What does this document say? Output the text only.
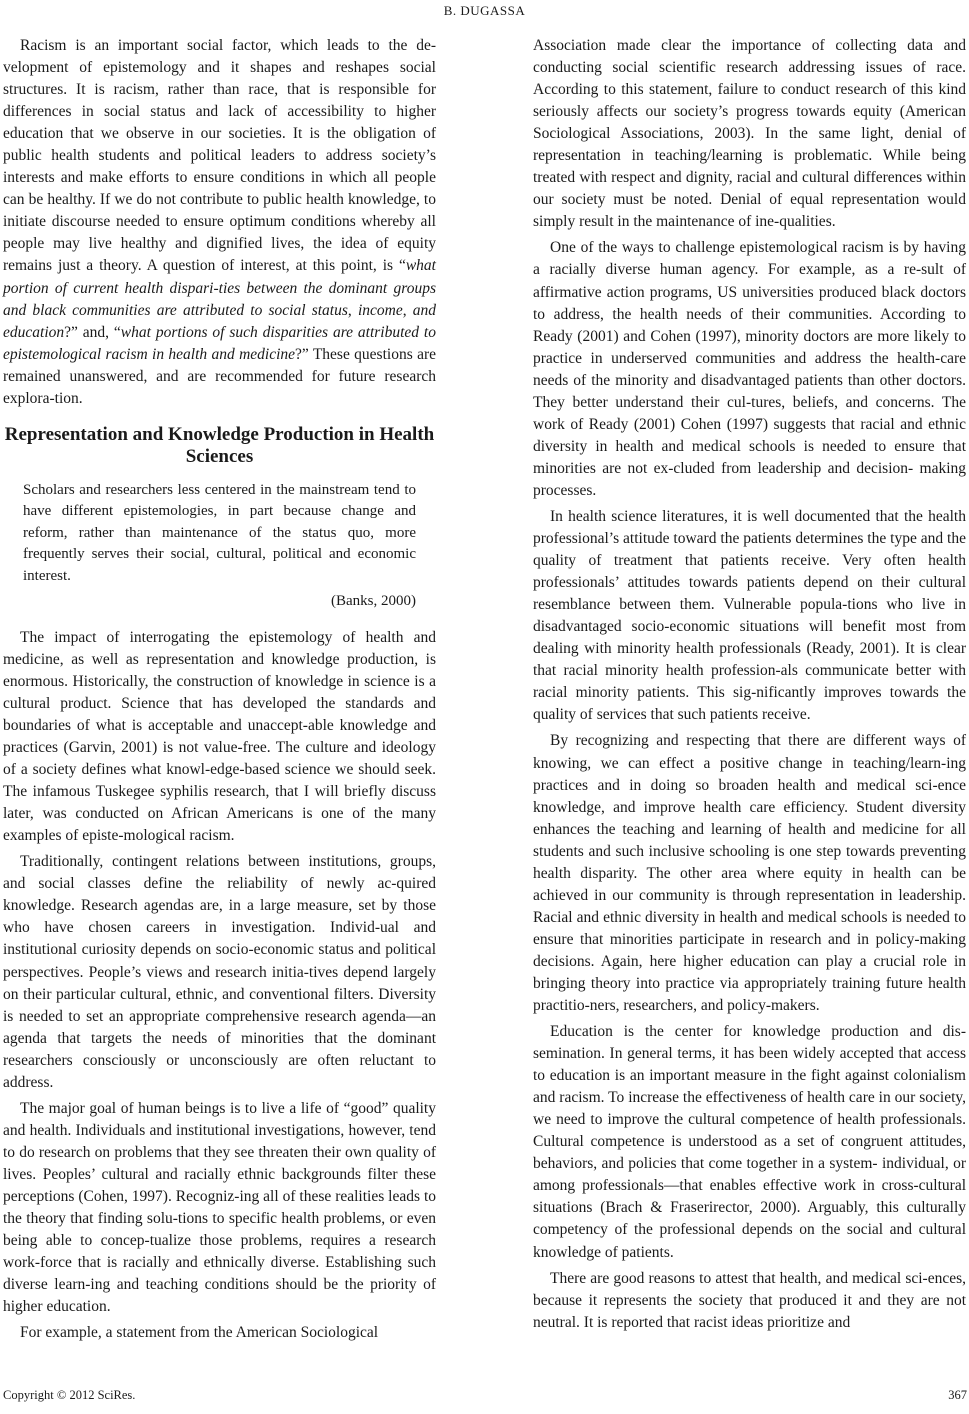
B. DUGASSA

Racism is an important social factor, which leads to the de-velopment of epistemology and it shapes and reshapes social structures. It is racism, rather than race, that is responsible for differences in social status and lack of accessibility to higher education that we observe in our societies. It is the obligation of public health students and political leaders to address society’s interests and make efforts to ensure conditions in which all people can be healthy. If we do not contribute to public health knowledge, to initiate discourse needed to ensure optimum conditions whereby all people may live healthy and dignified lives, the idea of equity remains just a theory. A question of interest, at this point, is “what portion of current health dispari-ties between the dominant groups and black communities are attributed to social status, income, and education?” and, “what portions of such disparities are attributed to epistemological racism in health and medicine?” These questions are remained unanswered, and are recommended for future research explora-tion.

Representation and Knowledge Production in Health Sciences
Scholars and researchers less centered in the mainstream tend to have different epistemologies, in part because change and reform, rather than maintenance of the status quo, more frequently serves their social, cultural, political and economic interest.
(Banks, 2000)

The impact of interrogating the epistemology of health and medicine, as well as representation and knowledge production, is enormous. Historically, the construction of knowledge in science is a cultural product. Science that has developed the standards and boundaries of what is acceptable and unaccept-able knowledge and practices (Garvin, 2001) is not value-free. The culture and ideology of a society defines what knowl-edge-based science we should seek. The infamous Tuskegee syphilis research, that I will briefly discuss later, was conducted on African Americans is one of the many examples of episte-mological racism.

Traditionally, contingent relations between institutions, groups, and social classes define the reliability of newly ac-quired knowledge. Research agendas are, in a large measure, set by those who have chosen careers in investigation. Individ-ual and institutional curiosity depends on socio-economic status and political perspectives. People’s views and research initia-tives depend largely on their particular cultural, ethnic, and conventional filters. Diversity is needed to set an appropriate comprehensive research agenda—an agenda that targets the needs of minorities that the dominant researchers consciously or unconsciously are often reluctant to address.

The major goal of human beings is to live a life of “good” quality and health. Individuals and institutional investigations, however, tend to do research on problems that they see threaten their own quality of lives. Peoples’ cultural and racially ethnic backgrounds filter these perceptions (Cohen, 1997). Recogniz-ing all of these realities leads to the theory that finding solu-tions to specific health problems, or even being able to concep-tualize those problems, requires a research work-force that is racially and ethnically diverse. Establishing such diverse learn-ing and teaching conditions should be the priority of higher education.

For example, a statement from the American Sociological

Association made clear the importance of collecting data and conducting social scientific research addressing issues of race. According to this statement, failure to conduct research of this kind seriously affects our society’s progress towards equity (American Sociological Associations, 2003). In the same light, denial of representation in teaching/learning is problematic. While being treated with respect and dignity, racial and cultural differences within our society must be noted. Denial of equal representation would simply result in the maintenance of ine-qualities.

One of the ways to challenge epistemological racism is by having a racially diverse human agency. For example, as a re-sult of affirmative action programs, US universities produced black doctors to address, the health needs of their communities. According to Ready (2001) and Cohen (1997), minority doctors are more likely to practice in underserved communities and address the health-care needs of the minority and disadvantaged patients than other doctors. They better understand their cul-tures, beliefs, and concerns. The work of Ready (2001) Cohen (1997) suggests that racial and ethnic diversity in health and medical schools is needed to ensure that minorities are not ex-cluded from leadership and decision- making processes.

In health science literatures, it is well documented that the health professional’s attitude toward the patients determines the type and the quality of treatment that patients receive. Very often health professionals’ attitudes towards patients depend on their cultural resemblance between them. Vulnerable popula-tions who live in disadvantaged socio-economic situations will benefit most from dealing with minority health professionals (Ready, 2001). It is clear that racial minority health profession-als communicate better with racial minority patients. This sig-nificantly improves towards the quality of services that such patients receive.

By recognizing and respecting that there are different ways of knowing, we can effect a positive change in teaching/learn-ing practices and in doing so broaden health and medical sci-ence knowledge, and improve health care efficiency. Student diversity enhances the teaching and learning of health and medicine for all students and such inclusive schooling is one step towards preventing health disparity. The other area where equity in health can be achieved in our community is through representation in leadership. Racial and ethnic diversity in health and medical schools is needed to ensure that minorities participate in research and in policy-making decisions. Again, here higher education can play a crucial role in bringing theory into practice via appropriately training future health practitio-ners, researchers, and policy-makers.

Education is the center for knowledge production and dis-semination. In general terms, it has been widely accepted that access to education is an important measure in the fight against colonialism and racism. To increase the effectiveness of health care in our society, we need to improve the cultural competence of health professionals. Cultural competence is understood as a set of congruent attitudes, behaviors, and policies that come together in a system- individual, or among professionals—that enables effective work in cross-cultural situations (Brach & Fraserirector, 2000). Arguably, this culturally competency of the professional depends on the social and cultural knowledge of patients.

There are good reasons to attest that health, and medical sci-ences, because it represents the society that produced it and they are not neutral. It is reported that racist ideas prioritize and

Copyright © 2012 SciRes.	367
